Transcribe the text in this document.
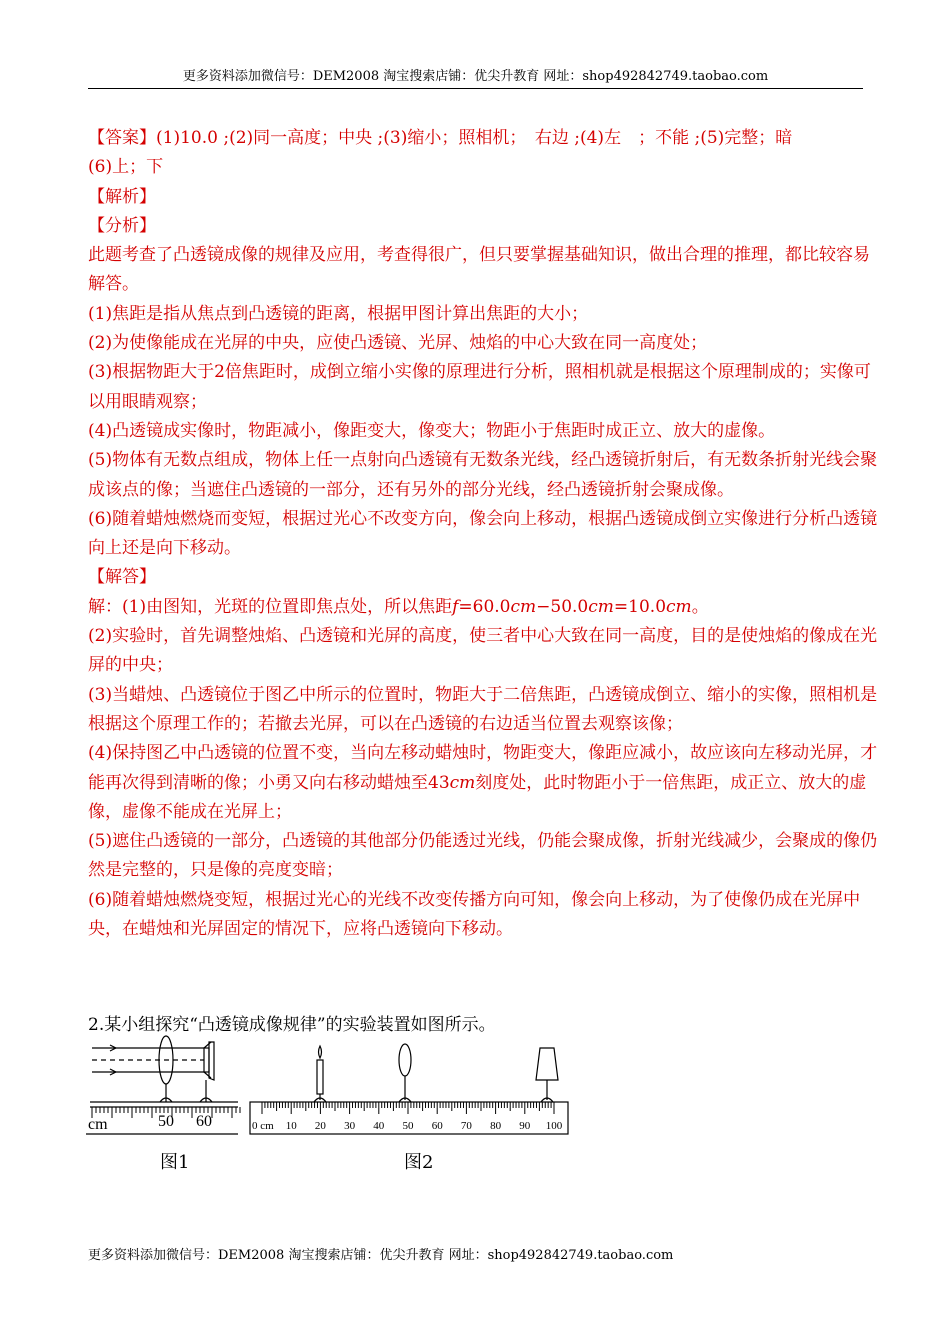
更多资料添加微信号：DEM2008 淘宝搜索店铺：优尖升教育 网址：shop492842749.taobao.com

【答案】(1)10.0 ;(2)同一高度；中央 ;(3)缩小；照相机；　右边 ;(4)左　；不能 ;(5)完整；暗

(6)上；下

【解析】

【分析】

此题考查了凸透镜成像的规律及应用，考查得很广，但只要掌握基础知识，做出合理的推理，都比较容易解答。

(1)焦距是指从焦点到凸透镜的距离，根据甲图计算出焦距的大小；

(2)为使像能成在光屏的中央，应使凸透镜、光屏、烛焰的中心大致在同一高度处；

(3)根据物距大于2倍焦距时，成倒立缩小实像的原理进行分析，照相机就是根据这个原理制成的；实像可以用眼睛观察；

(4)凸透镜成实像时，物距减小，像距变大，像变大；物距小于焦距时成正立、放大的虚像。

(5)物体有无数点组成，物体上任一点射向凸透镜有无数条光线，经凸透镜折射后，有无数条折射光线会聚成该点的像；当遮住凸透镜的一部分，还有另外的部分光线，经凸透镜折射会聚成像。

(6)随着蜡烛燃烧而变短，根据过光心不改变方向，像会向上移动，根据凸透镜成倒立实像进行分析凸透镜向上还是向下移动。

【解答】

解：(1)由图知，光斑的位置即焦点处，所以焦距f=60.0cm−50.0cm=10.0cm。

(2)实验时，首先调整烛焰、凸透镜和光屏的高度，使三者中心大致在同一高度，目的是使烛焰的像成在光屏的中央；

(3)当蜡烛、凸透镜位于图乙中所示的位置时，物距大于二倍焦距，凸透镜成倒立、缩小的实像，照相机是根据这个原理工作的；若撤去光屏，可以在凸透镜的右边适当位置去观察该像；

(4)保持图乙中凸透镜的位置不变，当向左移动蜡烛时，物距变大，像距应减小，故应该向左移动光屏，才能再次得到清晰的像；小勇又向右移动蜡烛至43cm刻度处，此时物距小于一倍焦距，成正立、放大的虚像，虚像不能成在光屏上；

(5)遮住凸透镜的一部分，凸透镜的其他部分仍能透过光线，仍能会聚成像，折射光线减少，会聚成的像仍然是完整的，只是像的亮度变暗；

(6)随着蜡烛燃烧变短，根据过光心的光线不改变传播方向可知，像会向上移动，为了使像仍成在光屏中央，在蜡烛和光屏固定的情况下，应将凸透镜向下移动。

2.某小组探究“凸透镜成像规律”的实验装置如图所示。
cm	50 60
图1
0 cm 10 20 30 40 50 60 70 80 90 100
图2
更多资料添加微信号：DEM2008 淘宝搜索店铺：优尖升教育 网址：shop492842749.taobao.com
